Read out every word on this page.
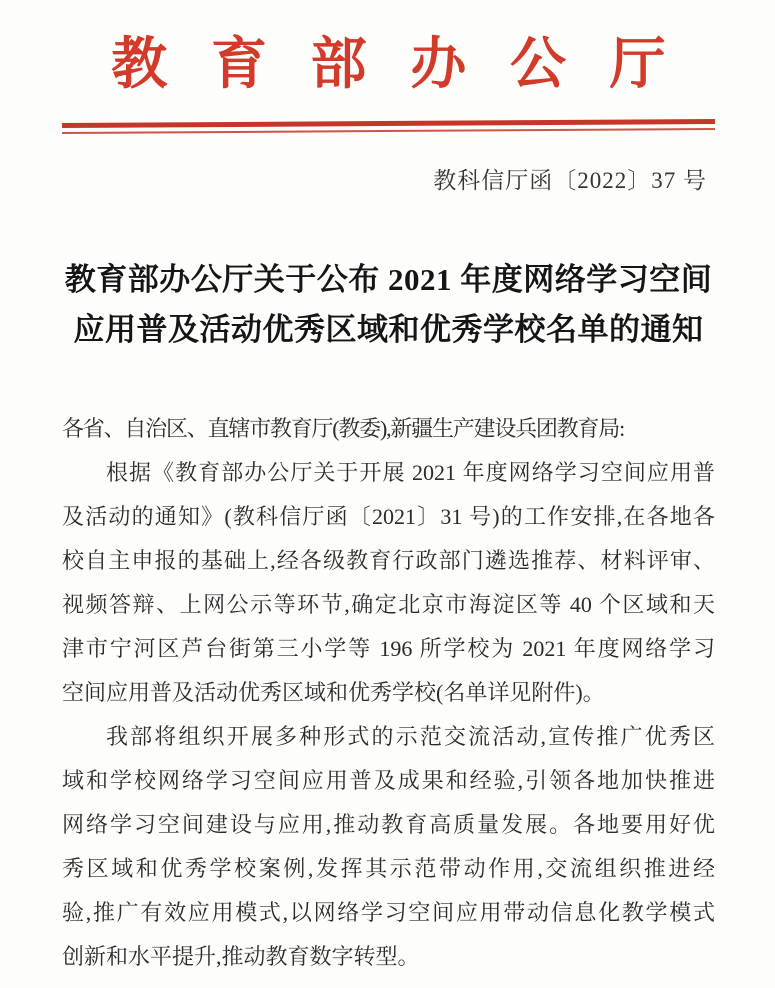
教育部办公厅
教科信厅函〔2022〕37 号
教育部办公厅关于公布 2021 年度网络学习空间
应用普及活动优秀区域和优秀学校名单的通知

各省、自治区、直辖市教育厅(教委),新疆生产建设兵团教育局:

根据《教育部办公厅关于开展 2021 年度网络学习空间应用普

及活动的通知》(教科信厅函〔2021〕31 号)的工作安排,在各地各

校自主申报的基础上,经各级教育行政部门遴选推荐、材料评审、

视频答辩、上网公示等环节,确定北京市海淀区等 40 个区域和天

津市宁河区芦台街第三小学等 196 所学校为 2021 年度网络学习

空间应用普及活动优秀区域和优秀学校(名单详见附件)。

我部将组织开展多种形式的示范交流活动,宣传推广优秀区

域和学校网络学习空间应用普及成果和经验,引领各地加快推进

网络学习空间建设与应用,推动教育高质量发展。各地要用好优

秀区域和优秀学校案例,发挥其示范带动作用,交流组织推进经

验,推广有效应用模式,以网络学习空间应用带动信息化教学模式

创新和水平提升,推动教育数字转型。
